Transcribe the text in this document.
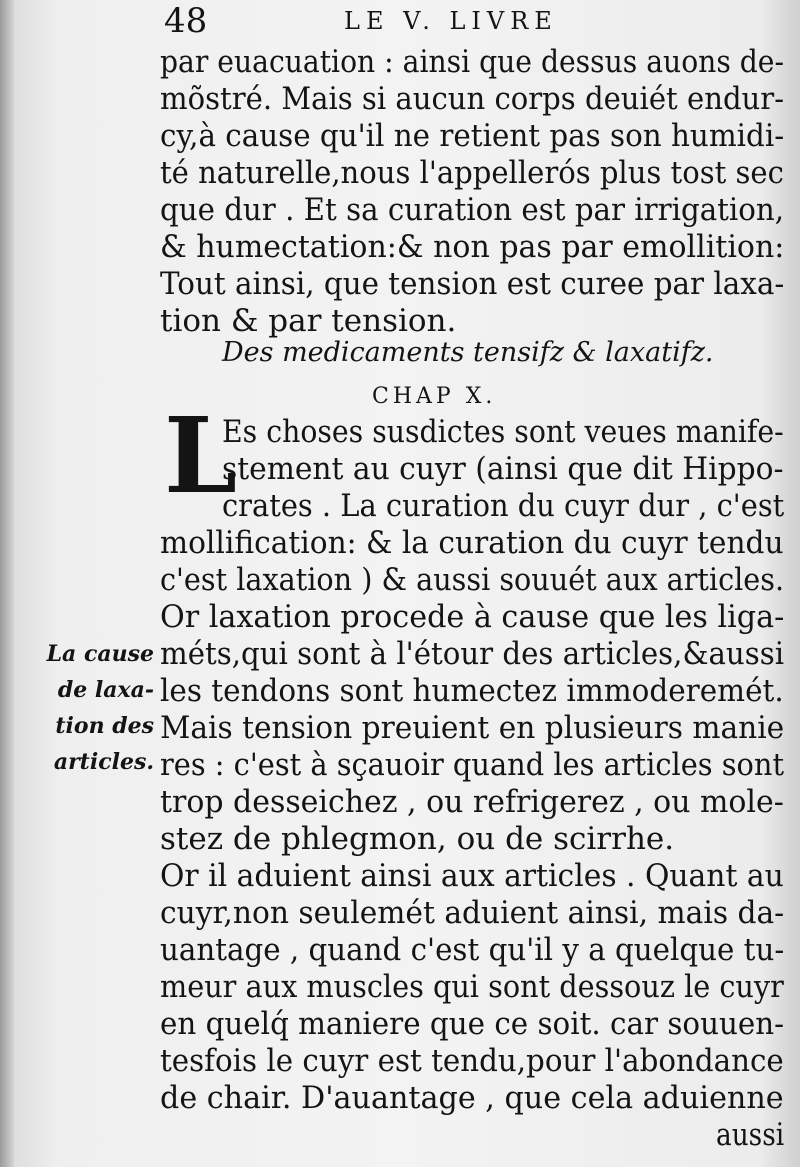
48	LE V. LIVRE
par euacuation : ainsi que dessus auons de-
mõstré. Mais si aucun corps deuiét endur-
cy,à cause qu'il ne retient pas son humidi-
té naturelle,nous l'appellerós plus tost sec
que dur . Et sa curation est par irrigation,
& humectation:& non pas par emollition:
Tout ainsi, que tension est curee par laxa-
tion & par tension.
Des medicaments tensifz & laxatifz.
CHAP X.
L
Es choses susdictes sont veues manife-
stement au cuyr (ainsi que dit Hippo-
crates . La curation du cuyr dur , c'est
mollification: & la curation du cuyr tendu
c'est laxation ) & aussi souuét aux articles.
Or laxation procede à cause que les liga-
méts,qui sont à l'étour des articles,&aussi
les tendons sont humectez immoderemét.
Mais tension preuient en plusieurs manie
res : c'est à sçauoir quand les articles sont
trop desseichez , ou refrigerez , ou mole-
stez de phlegmon, ou de scirrhe.
Or il aduient ainsi aux articles . Quant au
cuyr,non seulemét aduient ainsi, mais da-
uantage , quand c'est qu'il y a quelque tu-
meur aux muscles qui sont dessouz le cuyr
en quelq́ maniere que ce soit. car souuen-
tesfois le cuyr est tendu,pour l'abondance
de chair. D'auantage , que cela aduienne
aussi
La cause
de laxa-
tion des
articles.
